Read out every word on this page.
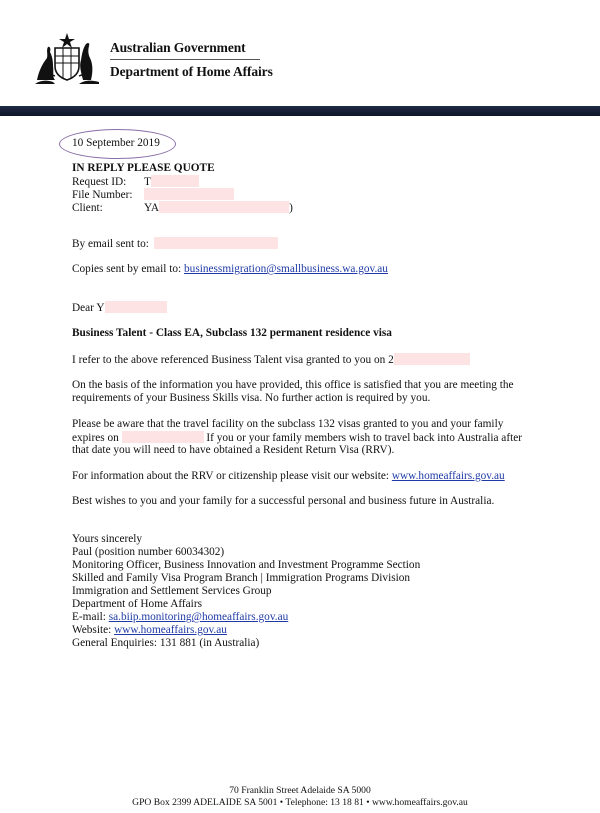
Australian Government
Department of Home Affairs
10 September 2019
IN REPLY PLEASE QUOTE
Request ID: T
File Number:
Client:	YA	)
By email sent to:
Copies sent by email to: businessmigration@smallbusiness.wa.gov.au
Dear Y
Business Talent - Class EA, Subclass 132 permanent residence visa
I refer to the above referenced Business Talent visa granted to you on 2
On the basis of the information you have provided, this office is satisfied that you are meeting the
requirements of your Business Skills visa. No further action is required by you.
Please be aware that the travel facility on the subclass 132 visas granted to you and your family
expires on	If you or your family members wish to travel back into Australia after
that date you will need to have obtained a Resident Return Visa (RRV).
For information about the RRV or citizenship please visit our website: www.homeaffairs.gov.au
Best wishes to you and your family for a successful personal and business future in Australia.
Yours sincerely
Paul (position number 60034302)
Monitoring Officer, Business Innovation and Investment Programme Section
Skilled and Family Visa Program Branch | Immigration Programs Division
Immigration and Settlement Services Group
Department of Home Affairs
E-mail: sa.biip.monitoring@homeaffairs.gov.au
Website: www.homeaffairs.gov.au
General Enquiries: 131 881 (in Australia)
70 Franklin Street Adelaide SA 5000
GPO Box 2399 ADELAIDE SA 5001 • Telephone: 13 18 81 • www.homeaffairs.gov.au
